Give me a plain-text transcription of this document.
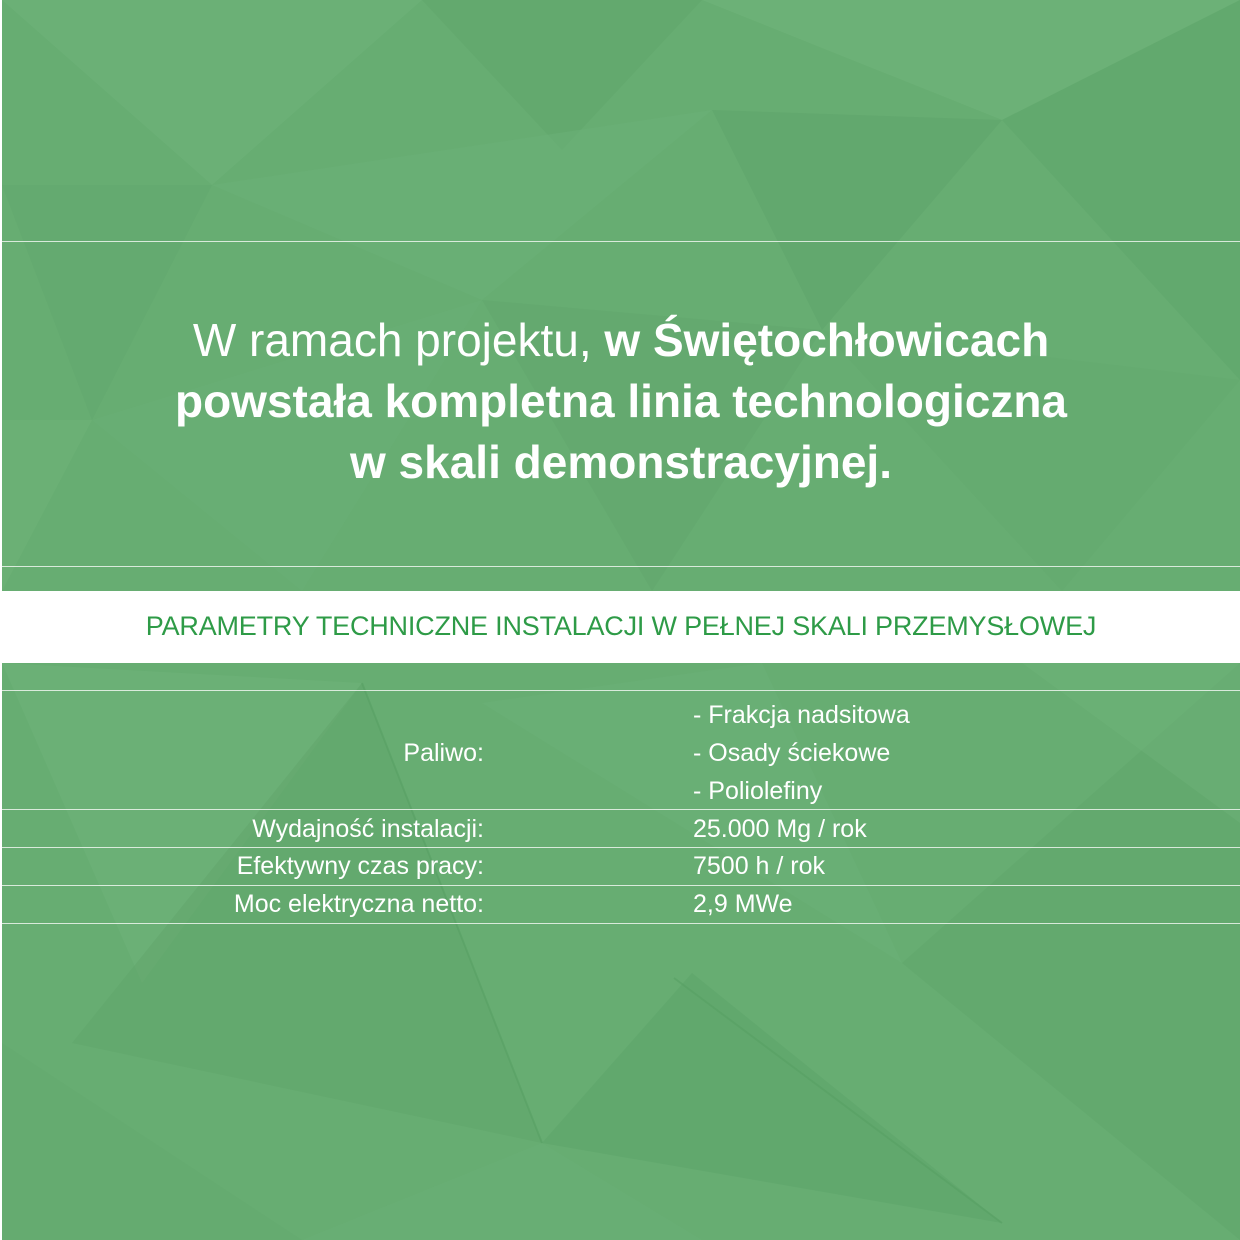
W ramach projektu, w Świętochłowicach
powstała kompletna linia technologiczna
w skali demonstracyjnej.
PARAMETRY TECHNICZNE INSTALACJI W PEŁNEJ SKALI PRZEMYSŁOWEJ
Paliwo:
- Frakcja nadsitowa
- Osady ściekowe
- Poliolefiny
Wydajność instalacji:	25.000 Mg / rok
Efektywny czas pracy:	7500 h / rok
Moc elektryczna netto:	2,9 MWe
